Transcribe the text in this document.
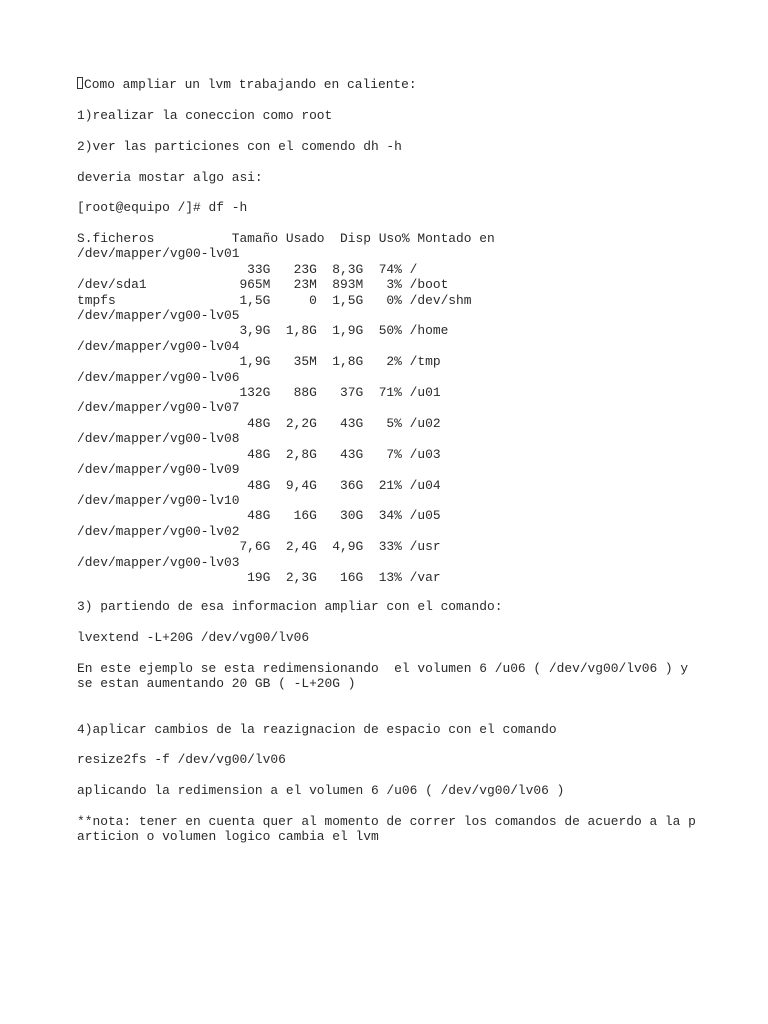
Como ampliar un lvm trabajando en caliente:

1)realizar la coneccion como root

2)ver las particiones con el comendo dh -h

deveria mostar algo asi:

[root@equipo /]# df -h

S.ficheros          Tamaño Usado  Disp Uso% Montado en
/dev/mapper/vg00-lv01
33G   23G  8,3G  74% /
/dev/sda1            965M   23M  893M   3% /boot
tmpfs                1,5G     0  1,5G   0% /dev/shm
/dev/mapper/vg00-lv05
3,9G  1,8G  1,9G  50% /home
/dev/mapper/vg00-lv04
1,9G   35M  1,8G   2% /tmp
/dev/mapper/vg00-lv06
132G   88G   37G  71% /u01
/dev/mapper/vg00-lv07
48G  2,2G   43G   5% /u02
/dev/mapper/vg00-lv08
48G  2,8G   43G   7% /u03
/dev/mapper/vg00-lv09
48G  9,4G   36G  21% /u04
/dev/mapper/vg00-lv10
48G   16G   30G  34% /u05
/dev/mapper/vg00-lv02
7,6G  2,4G  4,9G  33% /usr
/dev/mapper/vg00-lv03
19G  2,3G   16G  13% /var

3) partiendo de esa informacion ampliar con el comando:

lvextend -L+20G /dev/vg00/lv06

En este ejemplo se esta redimensionando  el volumen 6 /u06 ( /dev/vg00/lv06 ) y
se estan aumentando 20 GB ( -L+20G )

4)aplicar cambios de la reazignacion de espacio con el comando

resize2fs -f /dev/vg00/lv06

aplicando la redimension a el volumen 6 /u06 ( /dev/vg00/lv06 )

**nota: tener en cuenta quer al momento de correr los comandos de acuerdo a la p
articion o volumen logico cambia el lvm
